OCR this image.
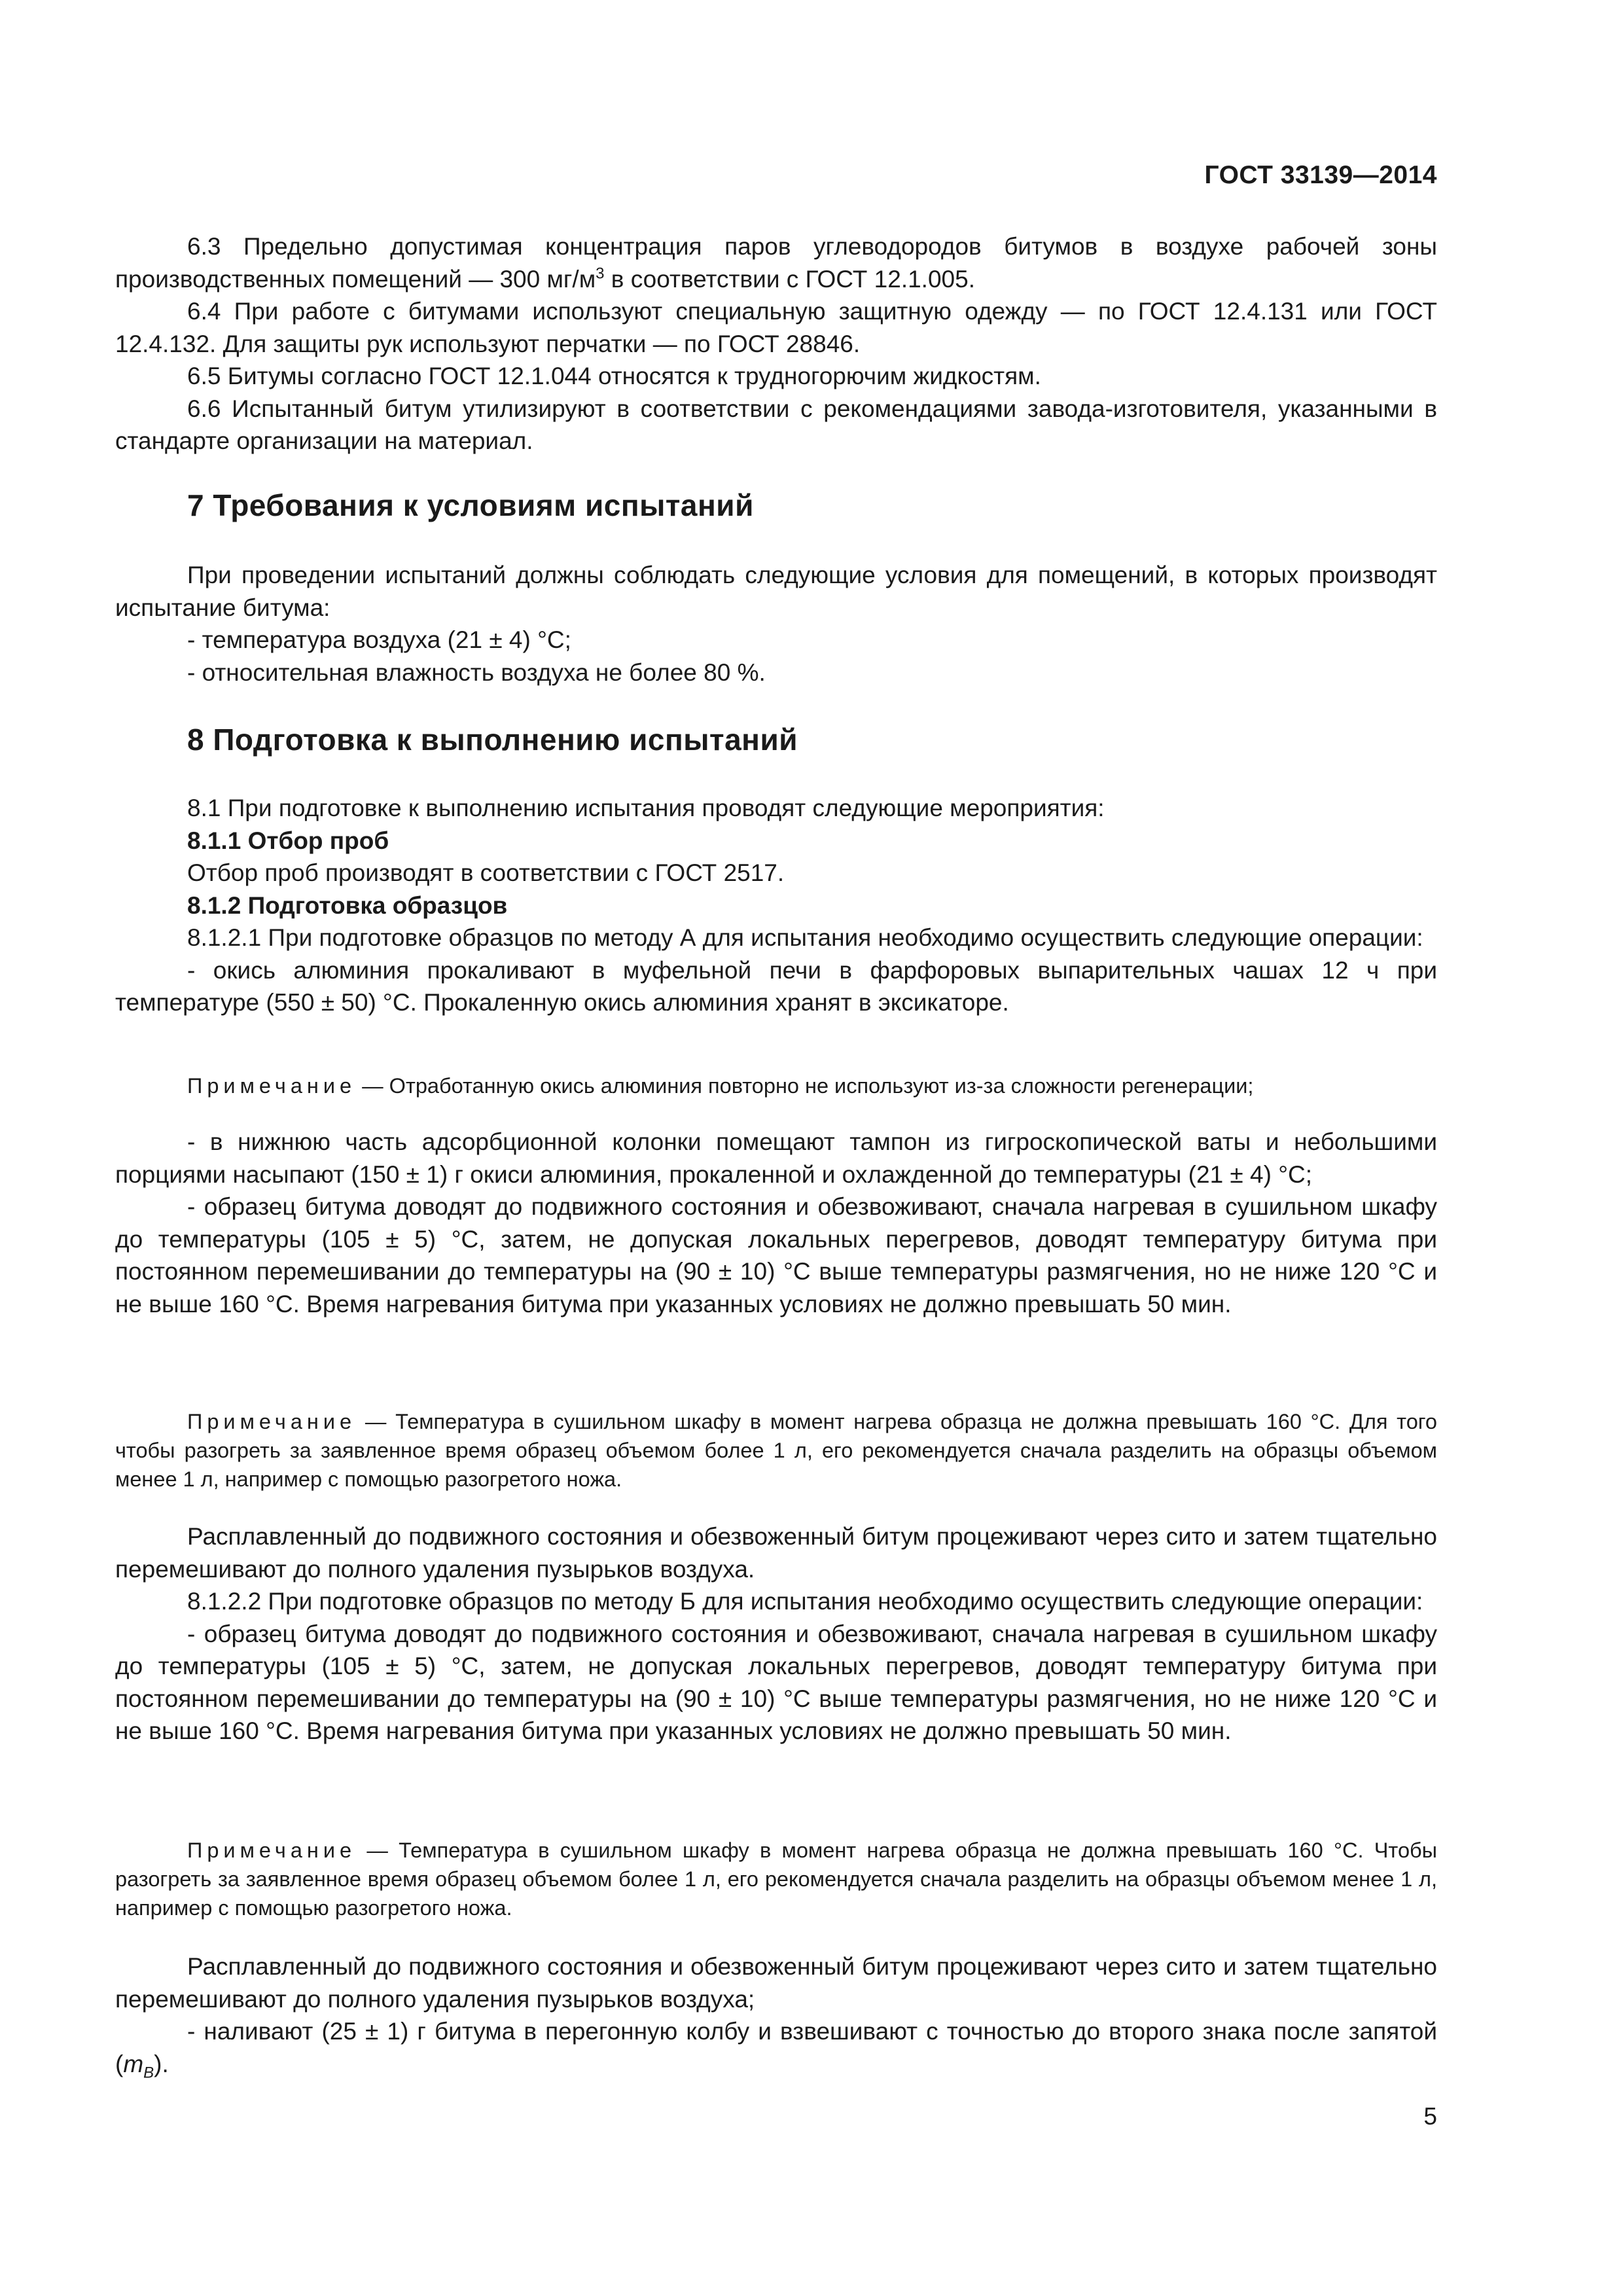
ГОСТ 33139—2014

6.3 Предельно допустимая концентрация паров углеводородов битумов в воздухе рабочей зоны производственных помещений — 300 $мг/м^3$ в соответствии с ГОСТ 12.1.005.

6.4 При работе с битумами используют специальную защитную одежду — по ГОСТ 12.4.131 или ГОСТ 12.4.132. Для защиты рук используют перчатки — по ГОСТ 28846.

6.5 Битумы согласно ГОСТ 12.1.044 относятся к трудногорючим жидкостям.

6.6 Испытанный битум утилизируют в соответствии с рекомендациями завода-изготовителя, указанными в стандарте организации на материал.

7 Требования к условиям испытаний

При проведении испытаний должны соблюдать следующие условия для помещений, в которых производят испытание битума:

- температура воздуха (21 ± 4) °С;

- относительная влажность воздуха не более 80 %.

8 Подготовка к выполнению испытаний

8.1 При подготовке к выполнению испытания проводят следующие мероприятия:

8.1.1 Отбор проб

Отбор проб производят в соответствии с ГОСТ 2517.

8.1.2 Подготовка образцов

8.1.2.1 При подготовке образцов по методу А для испытания необходимо осуществить следующие операции:

- окись алюминия прокаливают в муфельной печи в фарфоровых выпарительных чашах 12 ч при температуре (550 ± 50) °С. Прокаленную окись алюминия хранят в эксикаторе.

Примечание — Отработанную окись алюминия повторно не используют из-за сложности регенерации;

- в нижнюю часть адсорбционной колонки помещают тампон из гигроскопической ваты и небольшими порциями насыпают (150 ± 1) г окиси алюминия, прокаленной и охлажденной до температуры (21 ± 4) °С;

- образец битума доводят до подвижного состояния и обезвоживают, сначала нагревая в сушильном шкафу до температуры (105 ± 5) °С, затем, не допуская локальных перегревов, доводят температуру битума при постоянном перемешивании до температуры на (90 ± 10) °С выше температуры размягчения, но не ниже 120 °С и не выше 160 °С. Время нагревания битума при указанных условиях не должно превышать 50 мин.

Примечание — Температура в сушильном шкафу в момент нагрева образца не должна превышать 160 °С. Для того чтобы разогреть за заявленное время образец объемом более 1 л, его рекомендуется сначала разделить на образцы объемом менее 1 л, например с помощью разогретого ножа.

Расплавленный до подвижного состояния и обезвоженный битум процеживают через сито и затем тщательно перемешивают до полного удаления пузырьков воздуха.

8.1.2.2 При подготовке образцов по методу Б для испытания необходимо осуществить следующие операции:

- образец битума доводят до подвижного состояния и обезвоживают, сначала нагревая в сушильном шкафу до температуры (105 ± 5) °С, затем, не допуская локальных перегревов, доводят температуру битума при постоянном перемешивании до температуры на (90 ± 10) °С выше температуры размягчения, но не ниже 120 °С и не выше 160 °С. Время нагревания битума при указанных условиях не должно превышать 50 мин.

Примечание — Температура в сушильном шкафу в момент нагрева образца не должна превышать 160 °С. Чтобы разогреть за заявленное время образец объемом более 1 л, его рекомендуется сначала разделить на образцы объемом менее 1 л, например с помощью разогретого ножа.

Расплавленный до подвижного состояния и обезвоженный битум процеживают через сито и затем тщательно перемешивают до полного удаления пузырьков воздуха;

- наливают (25 ± 1) г битума в перегонную колбу и взвешивают с точностью до второго знака после запятой $(m_B)$.

5
